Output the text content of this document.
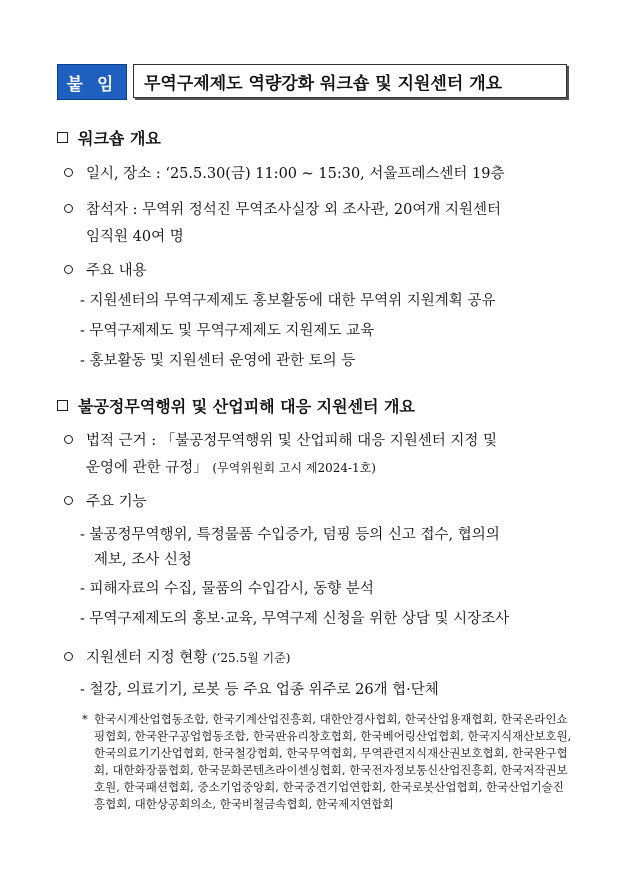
붙 임	무역구제제도 역량강화 워크숍 및 지원센터 개요
워크숍 개요
일시, 장소 : ‘25.5.30(금) 11:00 ~ 15:30, 서울프레스센터 19층
참석자 : 무역위 정석진 무역조사실장 외 조사관, 20여개 지원센터
임직원 40여 명
주요 내용
- 지원센터의 무역구제제도 홍보활동에 대한 무역위 지원계획 공유
- 무역구제제도 및 무역구제제도 지원제도 교육
- 홍보활동 및 지원센터 운영에 관한 토의 등
불공정무역행위 및 산업피해 대응 지원센터 개요
법적 근거 : 「불공정무역행위 및 산업피해 대응 지원센터 지정 및
운영에 관한 규정」 (무역위원회 고시 제2024-1호)
주요 기능
- 불공정무역행위, 특정물품 수입증가, 덤핑 등의 신고 접수, 협의의
제보, 조사 신청
- 피해자료의 수집, 물품의 수입감시, 동향 분석
- 무역구제제도의 홍보·교육, 무역구제 신청을 위한 상담 및 시장조사
지원센터 지정 현황 (’25.5월 기준)
- 철강, 의료기기, 로봇 등 주요 업종 위주로 26개 협·단체
* 한국시계산업협동조합, 한국기계산업진흥회, 대한안경사협회, 한국산업용재협회, 한국온라인쇼핑협회, 한국완구공업협동조합, 한국판유리창호협회, 한국베어링산업협회, 한국지식재산보호원, 한국의료기기산업협회, 한국철강협회, 한국무역협회, 무역관련지식재산권보호협회, 한국완구협회, 대한화장품협회, 한국문화콘텐츠라이센싱협회, 한국전자정보통신산업진흥회, 한국저작권보호원, 한국패션협회, 중소기업중앙회, 한국중견기업연합회, 한국로봇산업협회, 한국산업기술진흥협회, 대한상공회의소, 한국비철금속협회, 한국제지연합회
